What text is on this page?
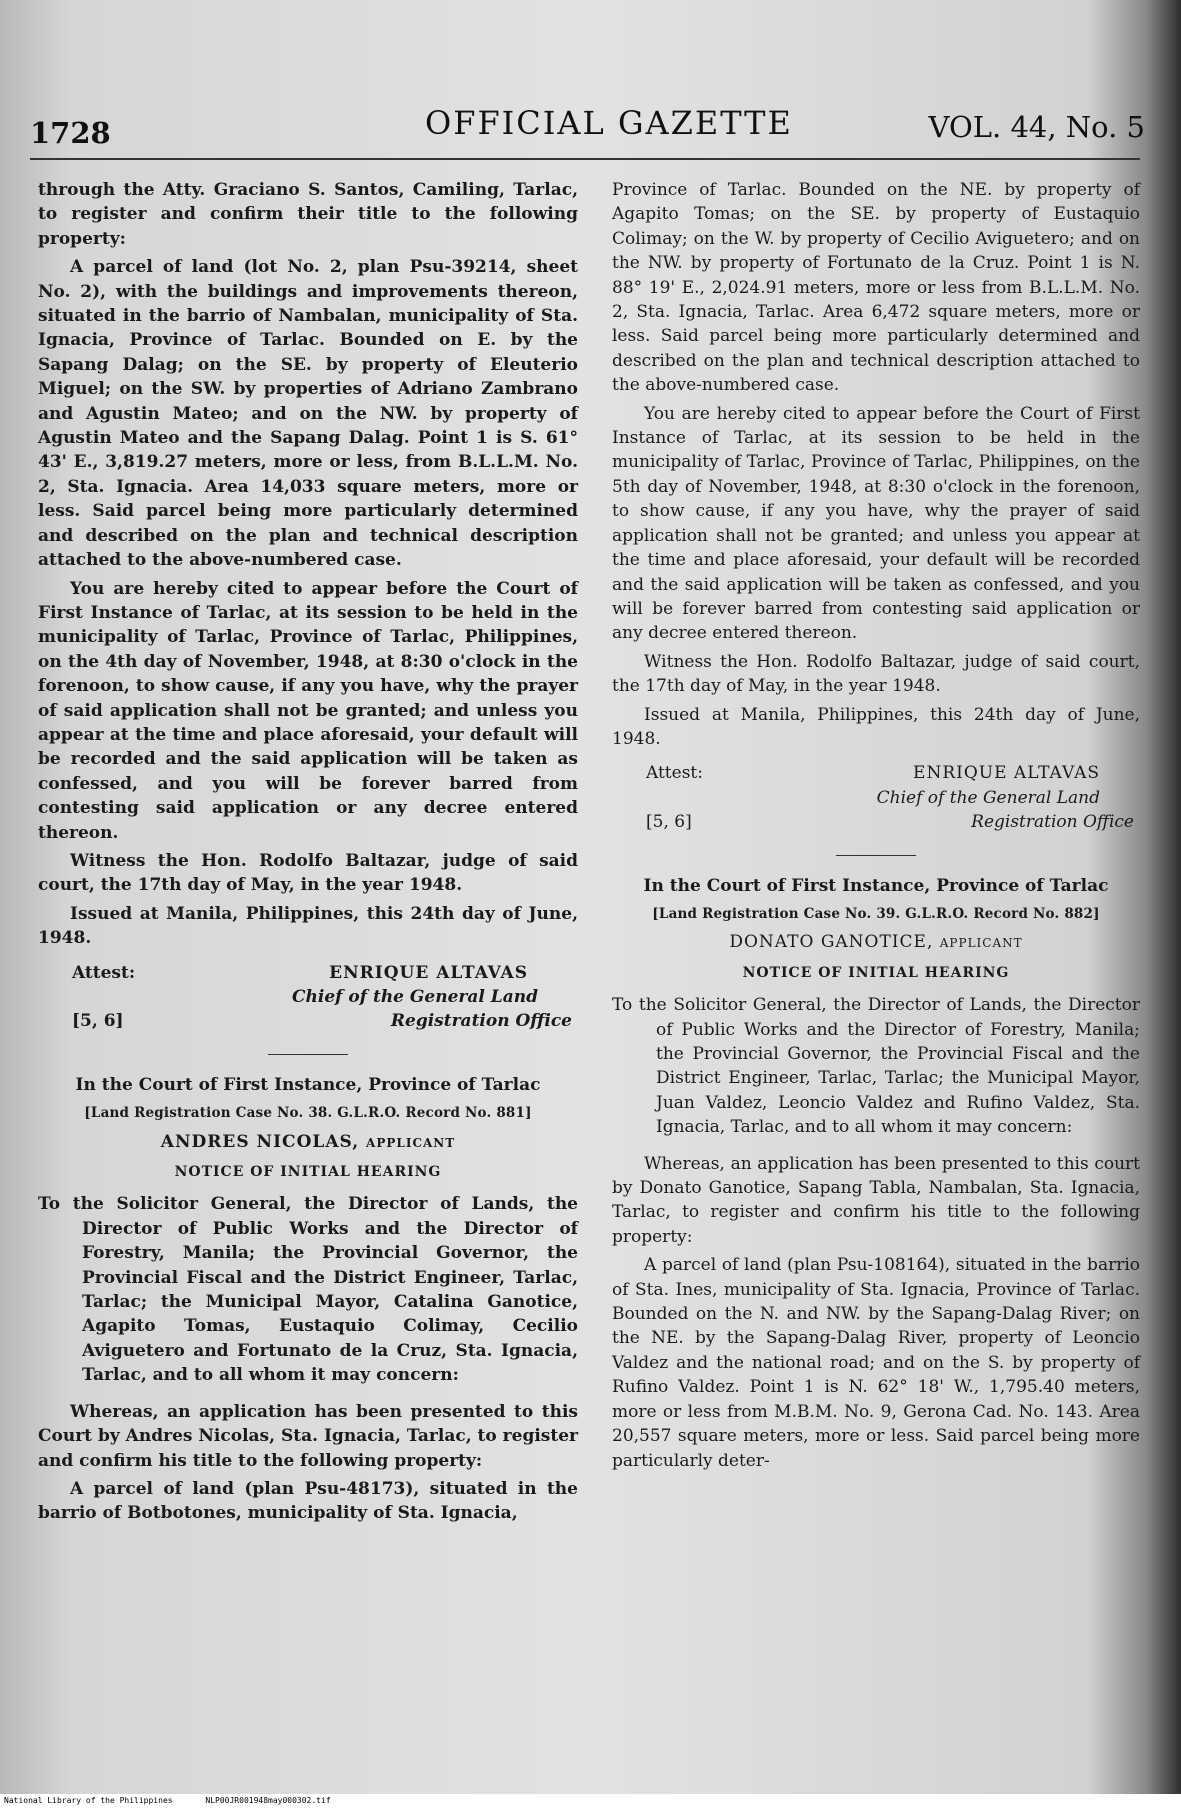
1728	OFFICIAL GAZETTE	VOL. 44, No. 5

through the Atty. Graciano S. Santos, Camiling, Tarlac, to register and confirm their title to the following property:

A parcel of land (lot No. 2, plan Psu-39214, sheet No. 2), with the buildings and improvements thereon, situated in the barrio of Nambalan, municipality of Sta. Ignacia, Province of Tarlac. Bounded on E. by the Sapang Dalag; on the SE. by property of Eleuterio Miguel; on the SW. by properties of Adriano Zambrano and Agustin Mateo; and on the NW. by property of Agustin Mateo and the Sapang Dalag. Point 1 is S. 61° 43' E., 3,819.27 meters, more or less, from B.L.L.M. No. 2, Sta. Ignacia. Area 14,033 square meters, more or less. Said parcel being more particularly determined and described on the plan and technical description attached to the above-numbered case.

You are hereby cited to appear before the Court of First Instance of Tarlac, at its session to be held in the municipality of Tarlac, Province of Tarlac, Philippines, on the 4th day of November, 1948, at 8:30 o'clock in the forenoon, to show cause, if any you have, why the prayer of said application shall not be granted; and unless you appear at the time and place aforesaid, your default will be recorded and the said application will be taken as confessed, and you will be forever barred from contesting said application or any decree entered thereon.

Witness the Hon. Rodolfo Baltazar, judge of said court, the 17th day of May, in the year 1948.

Issued at Manila, Philippines, this 24th day of June, 1948.

Attest:	ENRIQUE ALTAVAS
Chief of the General Land
[5, 6]	Registration Office

In the Court of First Instance, Province of Tarlac

[Land Registration Case No. 38. G.L.R.O. Record No. 881]

ANDRES NICOLAS, applicant

NOTICE OF INITIAL HEARING

To the Solicitor General, the Director of Lands, the Director of Public Works and the Director of Forestry, Manila; the Provincial Governor, the Provincial Fiscal and the District Engineer, Tarlac, Tarlac; the Municipal Mayor, Catalina Ganotice, Agapito Tomas, Eustaquio Colimay, Cecilio Aviguetero and Fortunato de la Cruz, Sta. Ignacia, Tarlac, and to all whom it may concern:

Whereas, an application has been presented to this Court by Andres Nicolas, Sta. Ignacia, Tarlac, to register and confirm his title to the following property:

A parcel of land (plan Psu-48173), situated in the barrio of Botbotones, municipality of Sta. Ignacia,

Province of Tarlac. Bounded on the NE. by property of Agapito Tomas; on the SE. by property of Eustaquio Colimay; on the W. by property of Cecilio Aviguetero; and on the NW. by property of Fortunato de la Cruz. Point 1 is N. 88° 19' E., 2,024.91 meters, more or less from B.L.L.M. No. 2, Sta. Ignacia, Tarlac. Area 6,472 square meters, more or less. Said parcel being more particularly determined and described on the plan and technical description attached to the above-numbered case.

You are hereby cited to appear before the Court of First Instance of Tarlac, at its session to be held in the municipality of Tarlac, Province of Tarlac, Philippines, on the 5th day of November, 1948, at 8:30 o'clock in the forenoon, to show cause, if any you have, why the prayer of said application shall not be granted; and unless you appear at the time and place aforesaid, your default will be recorded and the said application will be taken as confessed, and you will be forever barred from contesting said application or any decree entered thereon.

Witness the Hon. Rodolfo Baltazar, judge of said court, the 17th day of May, in the year 1948.

Issued at Manila, Philippines, this 24th day of June, 1948.

Attest:	ENRIQUE ALTAVAS
Chief of the General Land
[5, 6]	Registration Office

In the Court of First Instance, Province of Tarlac

[Land Registration Case No. 39. G.L.R.O. Record No. 882]

DONATO GANOTICE, applicant

NOTICE OF INITIAL HEARING

To the Solicitor General, the Director of Lands, the Director of Public Works and the Director of Forestry, Manila; the Provincial Governor, the Provincial Fiscal and the District Engineer, Tarlac, Tarlac; the Municipal Mayor, Juan Valdez, Leoncio Valdez and Rufino Valdez, Sta. Ignacia, Tarlac, and to all whom it may concern:

Whereas, an application has been presented to this court by Donato Ganotice, Sapang Tabla, Nambalan, Sta. Ignacia, Tarlac, to register and confirm his title to the following property:

A parcel of land (plan Psu-108164), situated in the barrio of Sta. Ines, municipality of Sta. Ignacia, Province of Tarlac. Bounded on the N. and NW. by the Sapang-Dalag River; on the NE. by the Sapang-Dalag River, property of Leoncio Valdez and the national road; and on the S. by property of Rufino Valdez. Point 1 is N. 62° 18' W., 1,795.40 meters, more or less from M.B.M. No. 9, Gerona Cad. No. 143. Area 20,557 square meters, more or less. Said parcel being more particularly deter-

National Library of the Philippines	NLP00JR001948may000302.tif
